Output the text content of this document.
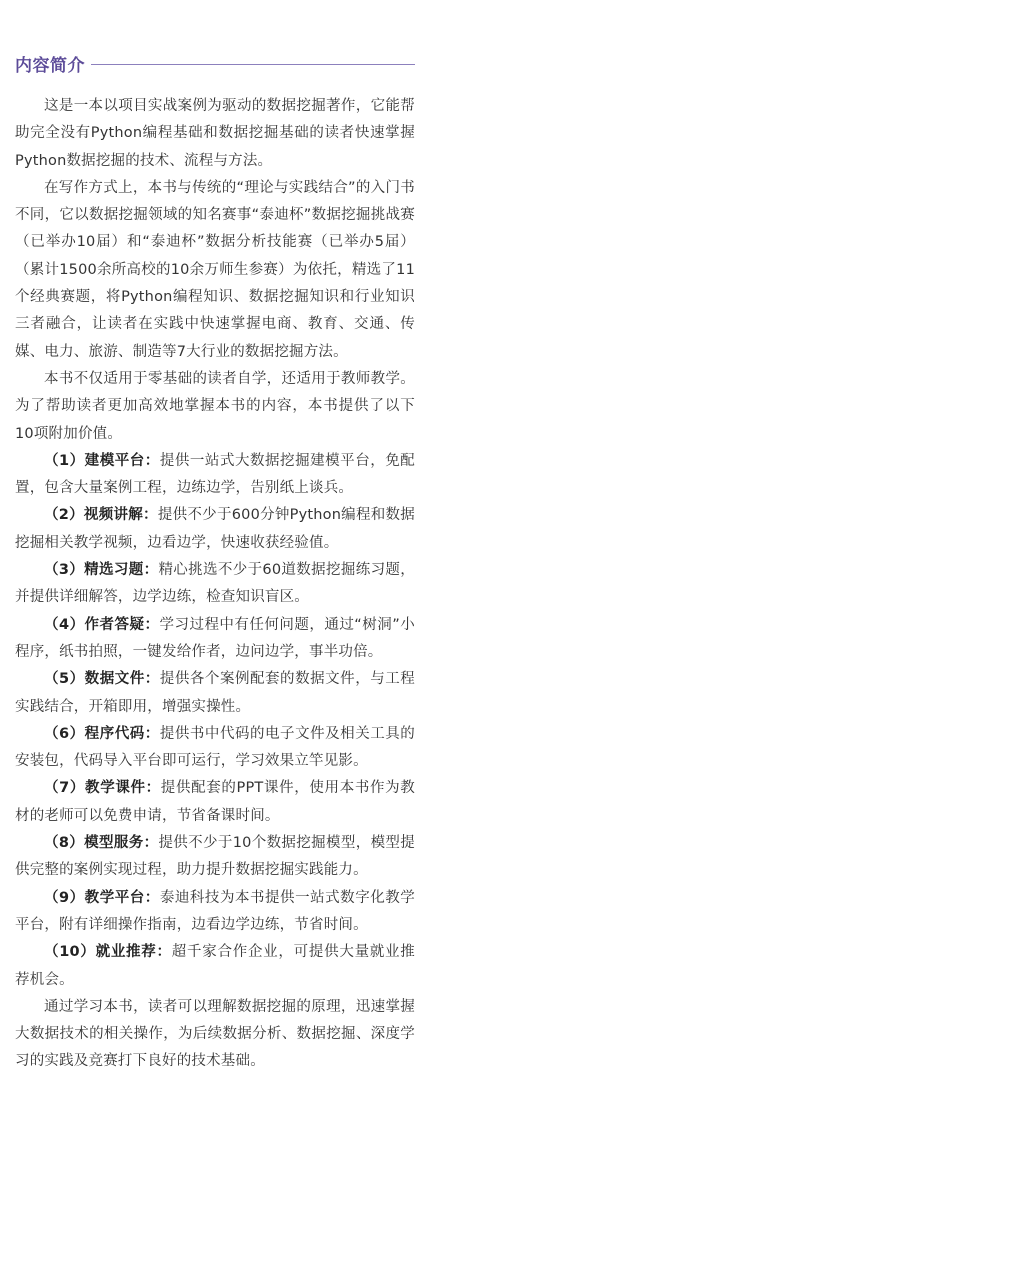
内容简介

这是一本以项目实战案例为驱动的数据挖掘著作，它能帮助完全没有Python编程基础和数据挖掘基础的读者快速掌握Python数据挖掘的技术、流程与方法。

在写作方式上，本书与传统的“理论与实践结合”的入门书不同，它以数据挖掘领域的知名赛事“泰迪杯”数据挖掘挑战赛（已举办10届）和“泰迪杯”数据分析技能赛（已举办5届）（累计1500余所高校的10余万师生参赛）为依托，精选了11个经典赛题，将Python编程知识、数据挖掘知识和行业知识三者融合，让读者在实践中快速掌握电商、教育、交通、传媒、电力、旅游、制造等7大行业的数据挖掘方法。

本书不仅适用于零基础的读者自学，还适用于教师教学。为了帮助读者更加高效地掌握本书的内容，本书提供了以下10项附加价值。

（1）建模平台：提供一站式大数据挖掘建模平台，免配置，包含大量案例工程，边练边学，告别纸上谈兵。

（2）视频讲解：提供不少于600分钟Python编程和数据挖掘相关教学视频，边看边学，快速收获经验值。

（3）精选习题：精心挑选不少于60道数据挖掘练习题，并提供详细解答，边学边练，检查知识盲区。

（4）作者答疑：学习过程中有任何问题，通过“树洞”小程序，纸书拍照，一键发给作者，边问边学，事半功倍。

（5）数据文件：提供各个案例配套的数据文件，与工程实践结合，开箱即用，增强实操性。

（6）程序代码：提供书中代码的电子文件及相关工具的安装包，代码导入平台即可运行，学习效果立竿见影。

（7）教学课件：提供配套的PPT课件，使用本书作为教材的老师可以免费申请，节省备课时间。

（8）模型服务：提供不少于10个数据挖掘模型，模型提供完整的案例实现过程，助力提升数据挖掘实践能力。

（9）教学平台：泰迪科技为本书提供一站式数字化教学平台，附有详细操作指南，边看边学边练，节省时间。

（10）就业推荐：超千家合作企业，可提供大量就业推荐机会。

通过学习本书，读者可以理解数据挖掘的原理，迅速掌握大数据技术的相关操作，为后续数据分析、数据挖掘、深度学习的实践及竞赛打下良好的技术基础。
